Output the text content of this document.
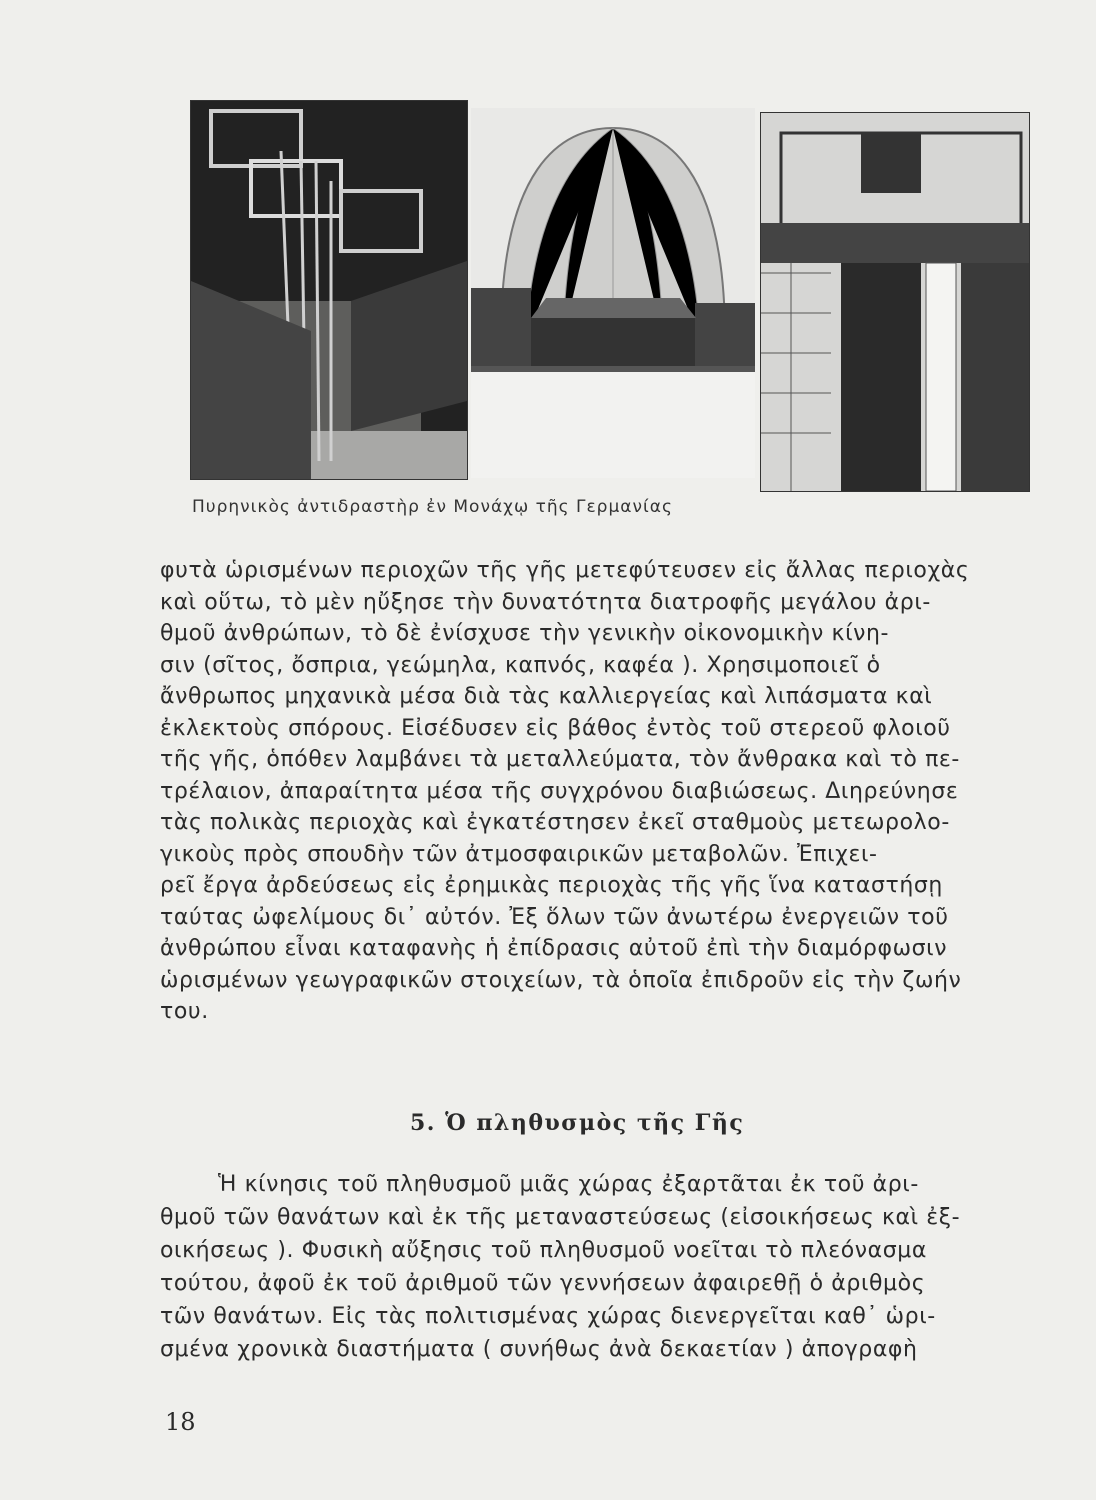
Πυρηνικὸς ἀντιδραστὴρ ἐν Μονάχῳ τῆς Γερμανίας
φυτὰ ὡρισμένων περιοχῶν τῆς γῆς μετεφύτευσεν εἰς ἄλλας περιοχὰς
καὶ οὕτω, τὸ μὲν ηὔξησε τὴν δυνατότητα διατροφῆς μεγάλου ἀρι-
θμοῦ ἀνθρώπων, τὸ δὲ ἐνίσχυσε τὴν γενικὴν οἰκονομικὴν κίνη-
σιν (σῖτος, ὄσπρια, γεώμηλα, καπνός, καφέα ). Χρησιμοποιεῖ ὁ
ἄνθρωπος μηχανικὰ μέσα διὰ τὰς καλλιεργείας καὶ λιπάσματα καὶ
ἐκλεκτοὺς σπόρους. Εἰσέδυσεν εἰς βάθος ἐντὸς τοῦ στερεοῦ φλοιοῦ
τῆς γῆς, ὁπόθεν λαμβάνει τὰ μεταλλεύματα, τὸν ἄνθρακα καὶ τὸ πε-
τρέλαιον, ἀπαραίτητα μέσα τῆς συγχρόνου διαβιώσεως. Διηρεύνησε
τὰς πολικὰς περιοχὰς καὶ ἐγκατέστησεν ἐκεῖ σταθμοὺς μετεωρολο-
γικοὺς πρὸς σπουδὴν τῶν ἀτμοσφαιρικῶν μεταβολῶν. Ἐπιχει-
ρεῖ ἔργα ἀρδεύσεως εἰς ἐρημικὰς περιοχὰς τῆς γῆς ἵνα καταστήσῃ
ταύτας ὠφελίμους δι᾽ αὐτόν. Ἐξ ὅλων τῶν ἀνωτέρω ἐνεργειῶν τοῦ
ἀνθρώπου εἶναι καταφανὴς ἡ ἐπίδρασις αὐτοῦ ἐπὶ τὴν διαμόρφωσιν
ὡρισμένων γεωγραφικῶν στοιχείων, τὰ ὁποῖα ἐπιδροῦν εἰς τὴν ζωήν
του.
5. Ὁ πληθυσμὸς τῆς Γῆς
Ἡ κίνησις τοῦ πληθυσμοῦ μιᾶς χώρας ἐξαρτᾶται ἐκ τοῦ ἀρι-
θμοῦ τῶν θανάτων καὶ ἐκ τῆς μεταναστεύσεως (εἰσοικήσεως καὶ ἐξ-
οικήσεως ). Φυσικὴ αὔξησις τοῦ πληθυσμοῦ νοεῖται τὸ πλεόνασμα
τούτου, ἀφοῦ ἐκ τοῦ ἀριθμοῦ τῶν γεννήσεων ἀφαιρεθῇ ὁ ἀριθμὸς
τῶν θανάτων. Εἰς τὰς πολιτισμένας χώρας διενεργεῖται καθ᾽ ὡρι-
σμένα χρονικὰ διαστήματα ( συνήθως ἀνὰ δεκαετίαν ) ἀπογραφὴ
18
